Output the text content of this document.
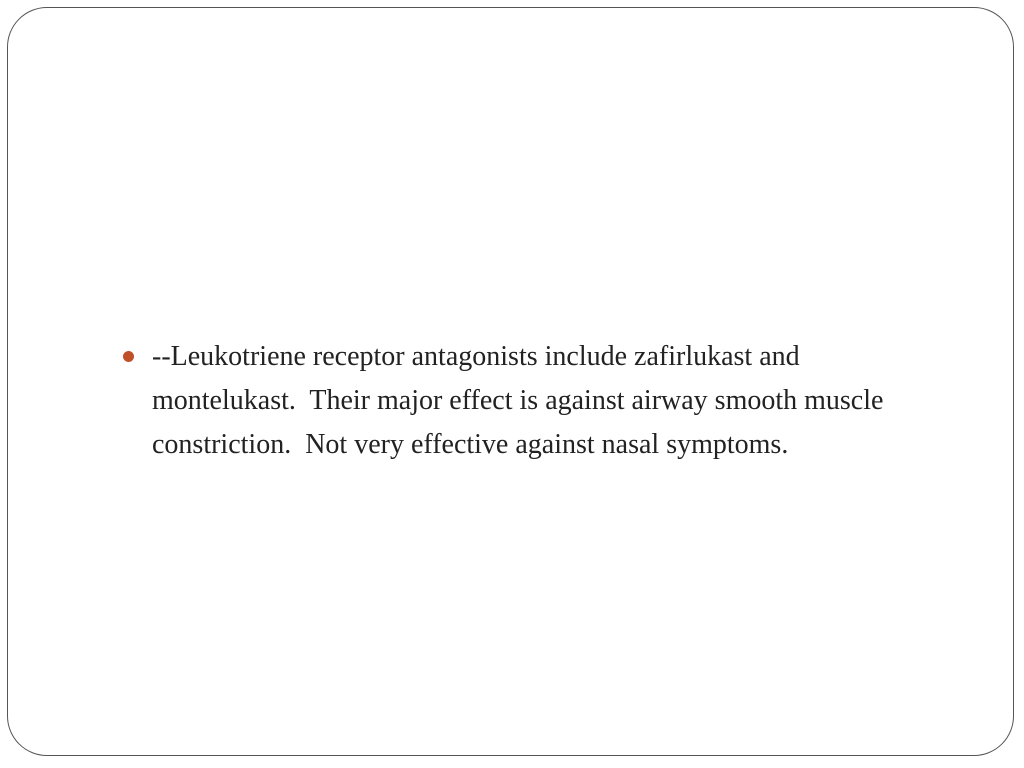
--Leukotriene receptor antagonists include zafirlukast and montelukast.  Their major effect is against airway smooth muscle constriction.  Not very effective against nasal symptoms.
